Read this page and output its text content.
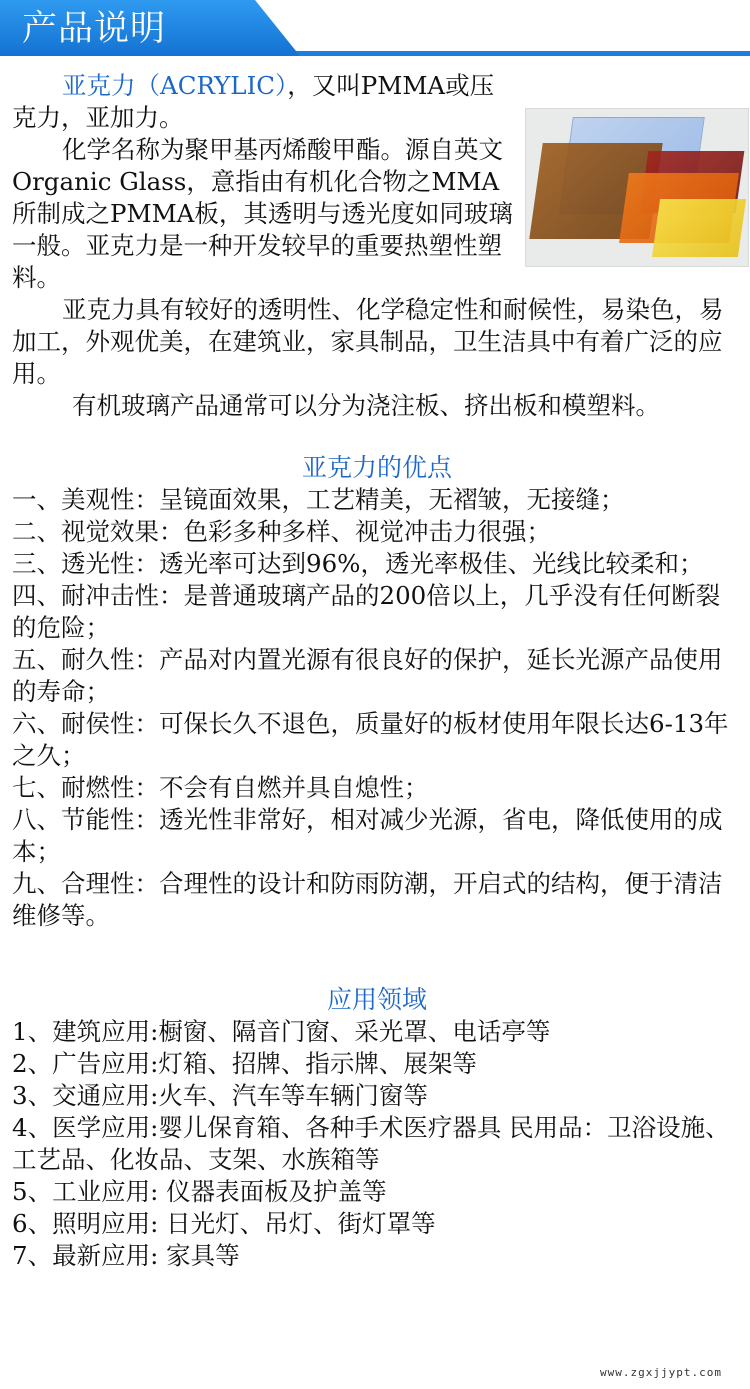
产品说明

亚克力（ACRYLIC），又叫PMMA或压克力，亚加力。

化学名称为聚甲基丙烯酸甲酯。源自英文Organic Glass，意指由有机化合物之MMA所制成之PMMA板，其透明与透光度如同玻璃一般。亚克力是一种开发较早的重要热塑性塑料。

亚克力具有较好的透明性、化学稳定性和耐候性，易染色，易加工，外观优美，在建筑业，家具制品，卫生洁具中有着广泛的应用。

有机玻璃产品通常可以分为浇注板、挤出板和模塑料。

亚克力的优点

一、美观性：呈镜面效果，工艺精美，无褶皱，无接缝；
二、视觉效果：色彩多种多样、视觉冲击力很强；
三、透光性：透光率可达到96%，透光率极佳、光线比较柔和；
四、耐冲击性：是普通玻璃产品的200倍以上，几乎没有任何断裂的危险；
五、耐久性：产品对内置光源有很良好的保护，延长光源产品使用的寿命；
六、耐侯性：可保长久不退色，质量好的板材使用年限长达6-13年之久；
七、耐燃性：不会有自燃并具自熄性；
八、节能性：透光性非常好，相对减少光源，省电，降低使用的成本；
九、合理性：合理性的设计和防雨防潮，开启式的结构，便于清洁维修等。

应用领域

1、建筑应用:橱窗、隔音门窗、采光罩、电话亭等
2、广告应用:灯箱、招牌、指示牌、展架等
3、交通应用:火车、汽车等车辆门窗等
4、医学应用:婴儿保育箱、各种手术医疗器具 民用品：卫浴设施、工艺品、化妆品、支架、水族箱等
5、工业应用: 仪器表面板及护盖等
6、照明应用: 日光灯、吊灯、街灯罩等
7、最新应用: 家具等
www.zgxjjypt.com
